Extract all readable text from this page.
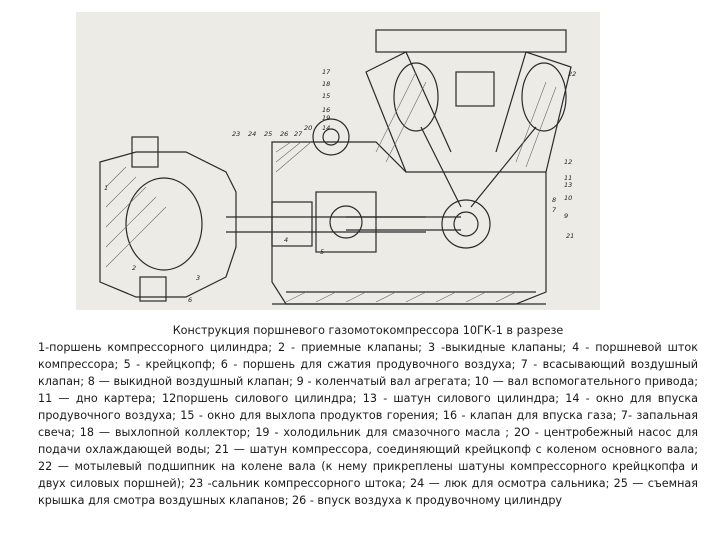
1
2
3
4
5
6
7
8
9
10
11
12
13
14
15
16
17
18
19
20
21
22
23 24 25 26 27

Конструкция поршневого газомотокомпрессора 10ГК-1 в разрезе

1-поршень компрессорного цилиндра; 2 - приемные клапаны; 3 -выкидные клапаны; 4 - поршневой шток компрессора; 5 - крейцкопф; 6 - поршень для сжатия продувочного воздуха; 7 - всасывающий воздушный клапан; 8 — выкидной воздушный клапан; 9 - коленчатый вал агрегата; 10 — вал вспомогательного привода; 11 — дно картера; 12поршень силового цилиндра; 13 - шатун силового цилиндра; 14 - окно для впуска продувочного воздуха; 15 - окно для выхлопа продуктов горения; 16 - клапан для впуска газа; 7- запальная свеча; 18 — выхлопной коллектор; 19 - холодильник для смазочного масла ; 2О - центробежный насос для подачи охлаждающей воды; 21 — шатун компрессора, соединяющий крейцкопф с коленом основного вала; 22 — мотылевый подшипник на колене вала (к нему прикреплены шатуны компрессорного крейцкопфа и двух силовых поршней); 23 -сальник компрессорного штока; 24 — люк для осмотра сальника; 25 — съемная крышка для смотра воздушных клапанов; 26 - впуск воздуха к продувочному цилиндру
